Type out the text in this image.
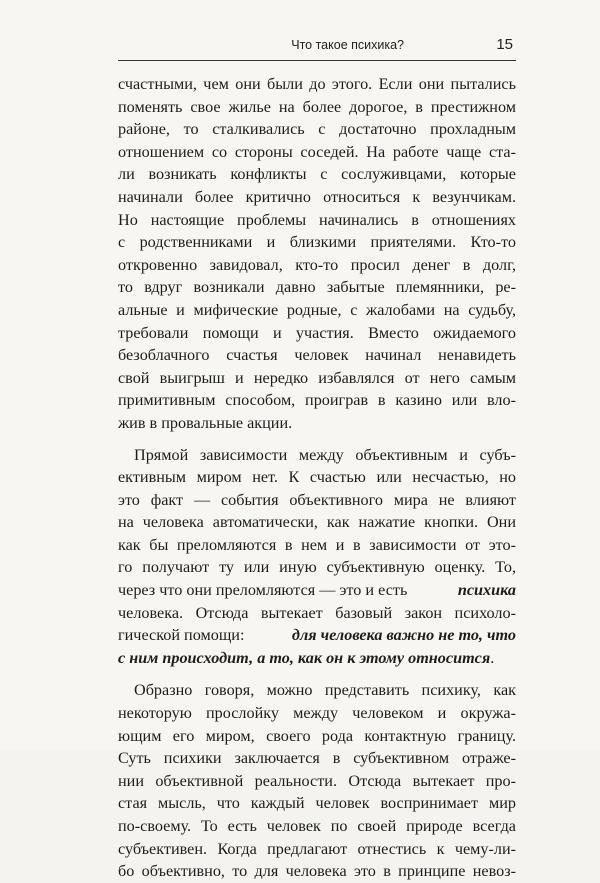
Что такое психика?	15
счастными, чем они были до этого. Если они пытались
поменять свое жилье на более дорогое, в престижном
районе, то сталкивались с достаточно прохладным
отношением со стороны соседей. На работе чаще ста-
ли возникать конфликты с сослуживцами, которые
начинали более критично относиться к везунчикам.
Но настоящие проблемы начинались в отношениях
с родственниками и близкими приятелями. Кто-то
откровенно завидовал, кто-то просил денег в долг,
то вдруг возникали давно забытые племянники, ре-
альные и мифические родные, с жалобами на судьбу,
требовали помощи и участия. Вместо ожидаемого
безоблачного счастья человек начинал ненавидеть
свой выигрыш и нередко избавлялся от него самым
примитивным способом, проиграв в казино или вло-
жив в провальные акции.
Прямой зависимости между объективным и субъ-
ективным миром нет. К счастью или несчастью, но
это факт — события объективного мира не влияют
на человека автоматически, как нажатие кнопки. Они
как бы преломляются в нем и в зависимости от это-
го получают ту или иную субъективную оценку. То,
через что они преломляются — это и есть	психика
человека. Отсюда вытекает базовый закон психоло-
гической помощи:	для человека важно не то, что
с ним происходит, а то, как он к этому относится.
Образно говоря, можно представить психику, как
некоторую прослойку между человеком и окружа-
ющим его миром, своего рода контактную границу.
Суть психики заключается в субъективном отраже-
нии объективной реальности. Отсюда вытекает про-
стая мысль, что каждый человек воспринимает мир
по-своему. То есть человек по своей природе всегда
субъективен. Когда предлагают отнестись к чему-ли-
бо объективно, то для человека это в принципе невоз-
